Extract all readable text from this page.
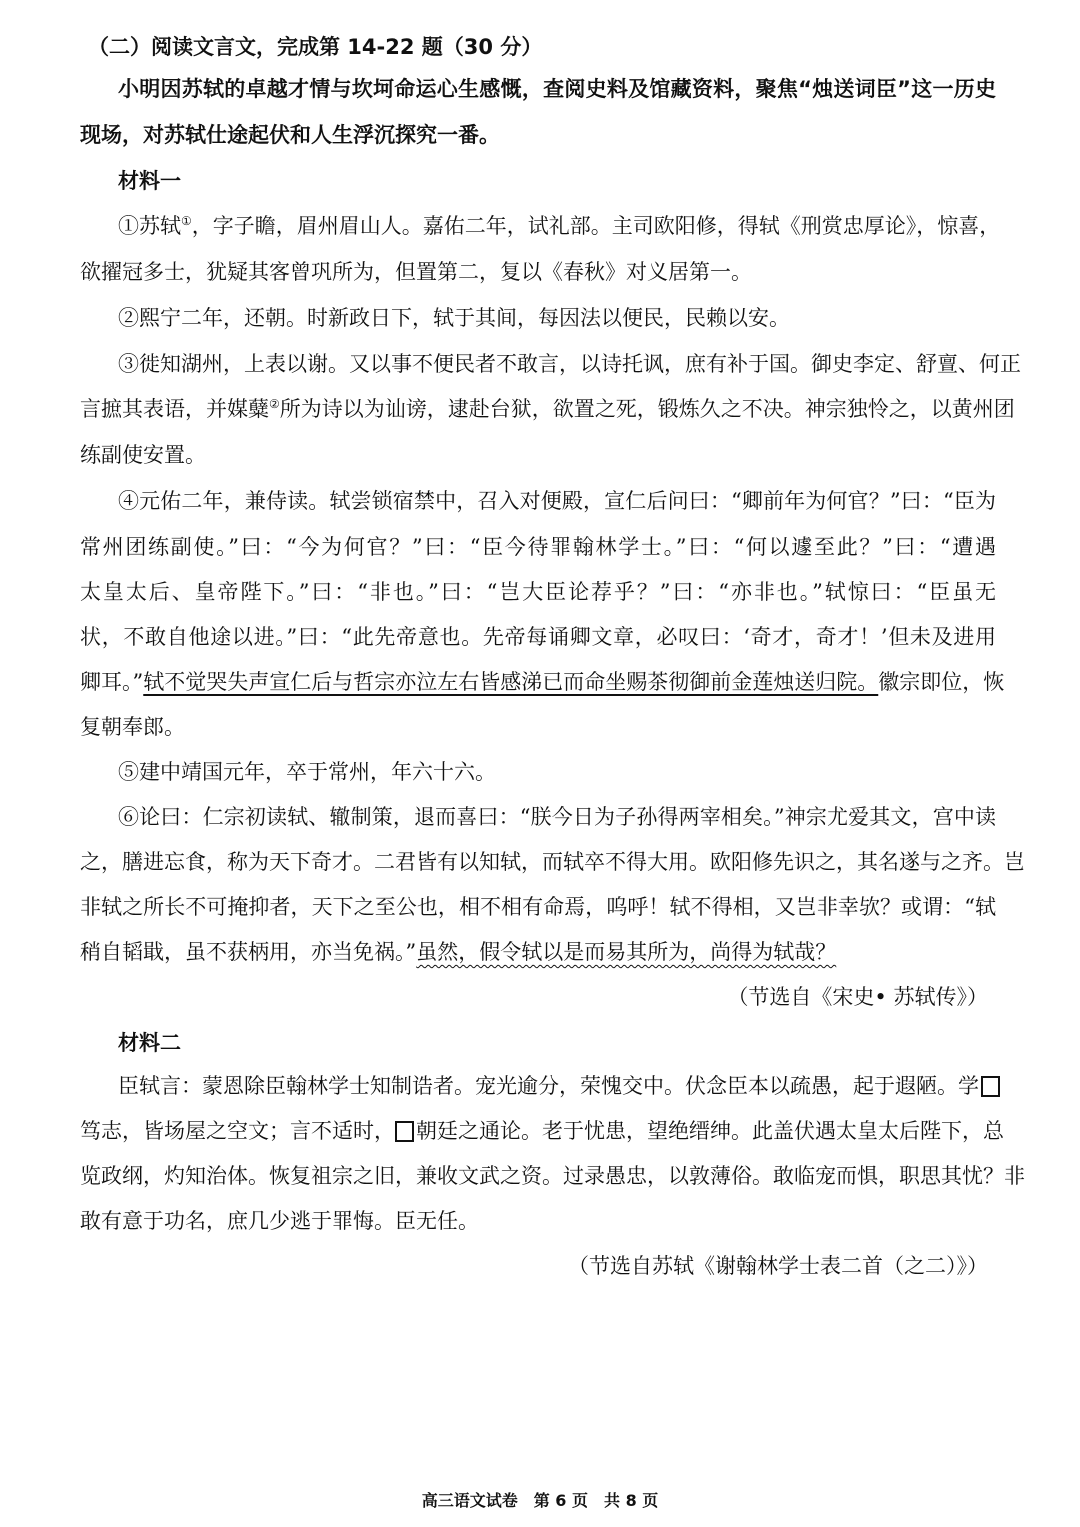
（二）阅读文言文，完成第 14-22 题（30 分）
小明因苏轼的卓越才情与坎坷命运心生感慨，查阅史料及馆藏资料，聚焦“烛送词臣”这一历史
现场，对苏轼仕途起伏和人生浮沉探究一番。
材料一
①苏轼①，字子瞻，眉州眉山人。嘉佑二年，试礼部。主司欧阳修，得轼《刑赏忠厚论》，惊喜，
欲擢冠多士，犹疑其客曾巩所为，但置第二，复以《春秋》对义居第一。
②熙宁二年，还朝。时新政日下，轼于其间，每因法以便民，民赖以安。
③徙知湖州，上表以谢。又以事不便民者不敢言，以诗托讽，庶有补于国。御史李定、舒亶、何正
言摭其表语，并媒糵②所为诗以为讪谤，逮赴台狱，欲置之死，锻炼久之不决。神宗独怜之，以黄州团
练副使安置。
④元佑二年，兼侍读。轼尝锁宿禁中，召入对便殿，宣仁后问曰：“卿前年为何官？”曰：“臣为
常州团练副使。”曰：“今为何官？”曰：“臣今待罪翰林学士。”曰：“何以遽至此？”曰：“遭遇
太皇太后、皇帝陛下。”曰：“非也。”曰：“岂大臣论荐乎？”曰：“亦非也。”轼惊曰：“臣虽无
状，不敢自他途以进。”曰：“此先帝意也。先帝每诵卿文章，必叹曰：‘奇才，奇才！’但未及进用
卿耳。”轼不觉哭失声宣仁后与哲宗亦泣左右皆感涕已而命坐赐茶彻御前金莲烛送归院。徽宗即位，恢
复朝奉郎。
⑤建中靖国元年，卒于常州，年六十六。
⑥论曰：仁宗初读轼、辙制策，退而喜曰：“朕今日为子孙得两宰相矣。”神宗尤爱其文，宫中读
之，膳进忘食，称为天下奇才。二君皆有以知轼，而轼卒不得大用。欧阳修先识之，其名遂与之齐。岂
非轼之所长不可掩抑者，天下之至公也，相不相有命焉，呜呼！轼不得相，又岂非幸欤？或谓：“轼
稍自韬戢，虽不获柄用，亦当免祸。”虽然，假令轼以是而易其所为，尚得为轼哉？
（节选自《宋史• 苏轼传》）
材料二
臣轼言：蒙恩除臣翰林学士知制诰者。宠光逾分，荣愧交中。伏念臣本以疏愚，起于遐陋。学
笃志，皆场屋之空文；言不适时， 朝廷之通论。老于忧患，望绝缙绅。此盖伏遇太皇太后陛下，总
览政纲，灼知治体。恢复祖宗之旧，兼收文武之资。过录愚忠，以敦薄俗。敢临宠而惧，职思其忧？非
敢有意于功名，庶几少逃于罪悔。臣无任。
（节选自苏轼《谢翰林学士表二首（之二）》）
高三语文试卷　第 6 页　共 8 页
